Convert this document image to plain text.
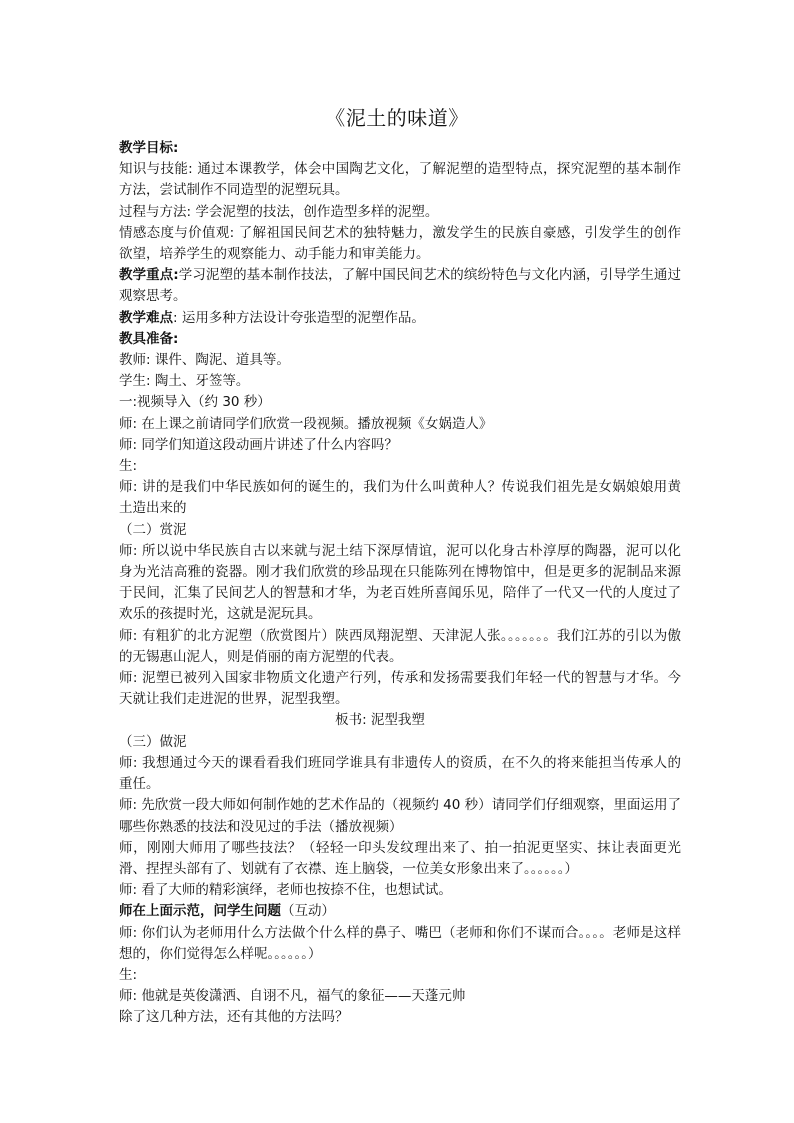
《泥土的味道》

教学目标:

知识与技能: 通过本课教学，体会中国陶艺文化，了解泥塑的造型特点，探究泥塑的基本制作方法，尝试制作不同造型的泥塑玩具。

过程与方法: 学会泥塑的技法，创作造型多样的泥塑。

情感态度与价值观: 了解祖国民间艺术的独特魅力，激发学生的民族自豪感，引发学生的创作欲望，培养学生的观察能力、动手能力和审美能力。

教学重点:学习泥塑的基本制作技法，了解中国民间艺术的缤纷特色与文化内涵，引导学生通过观察思考。

教学难点: 运用多种方法设计夸张造型的泥塑作品。

教具准备:

教师: 课件、陶泥、道具等。

学生: 陶土、牙签等。

一:视频导入（约 30 秒）

师: 在上课之前请同学们欣赏一段视频。播放视频《女娲造人》

师: 同学们知道这段动画片讲述了什么内容吗？

生:

师: 讲的是我们中华民族如何的诞生的，我们为什么叫黄种人？传说我们祖先是女娲娘娘用黄土造出来的

（二）赏泥

师: 所以说中华民族自古以来就与泥土结下深厚情谊，泥可以化身古朴淳厚的陶器，泥可以化身为光洁高雅的瓷器。刚才我们欣赏的珍品现在只能陈列在博物馆中，但是更多的泥制品来源于民间，汇集了民间艺人的智慧和才华，为老百姓所喜闻乐见，陪伴了一代又一代的人度过了欢乐的孩提时光，这就是泥玩具。

师: 有粗犷的北方泥塑（欣赏图片）陕西凤翔泥塑、天津泥人张。。。。。。。我们江苏的引以为傲的无锡惠山泥人，则是俏丽的南方泥塑的代表。

师: 泥塑已被列入国家非物质文化遗产行列，传承和发扬需要我们年轻一代的智慧与才华。今天就让我们走进泥的世界，泥型我塑。

板书: 泥型我塑

（三）做泥

师: 我想通过今天的课看看我们班同学谁具有非遗传人的资质，在不久的将来能担当传承人的重任。

师: 先欣赏一段大师如何制作她的艺术作品的（视频约 40 秒）请同学们仔细观察，里面运用了哪些你熟悉的技法和没见过的手法（播放视频）

师，刚刚大师用了哪些技法？（轻轻一印头发纹理出来了、拍一拍泥更坚实、抹让表面更光滑、捏捏头部有了、划就有了衣襟、连上脑袋，一位美女形象出来了。。。。。。）

师: 看了大师的精彩演绎，老师也按捺不住，也想试试。

师在上面示范，问学生问题（互动）

师: 你们认为老师用什么方法做个什么样的鼻子、嘴巴（老师和你们不谋而合。。。。老师是这样想的，你们觉得怎么样呢。。。。。。）

生:

师: 他就是英俊潇洒、自诩不凡，福气的象征——天蓬元帅

除了这几种方法，还有其他的方法吗？
